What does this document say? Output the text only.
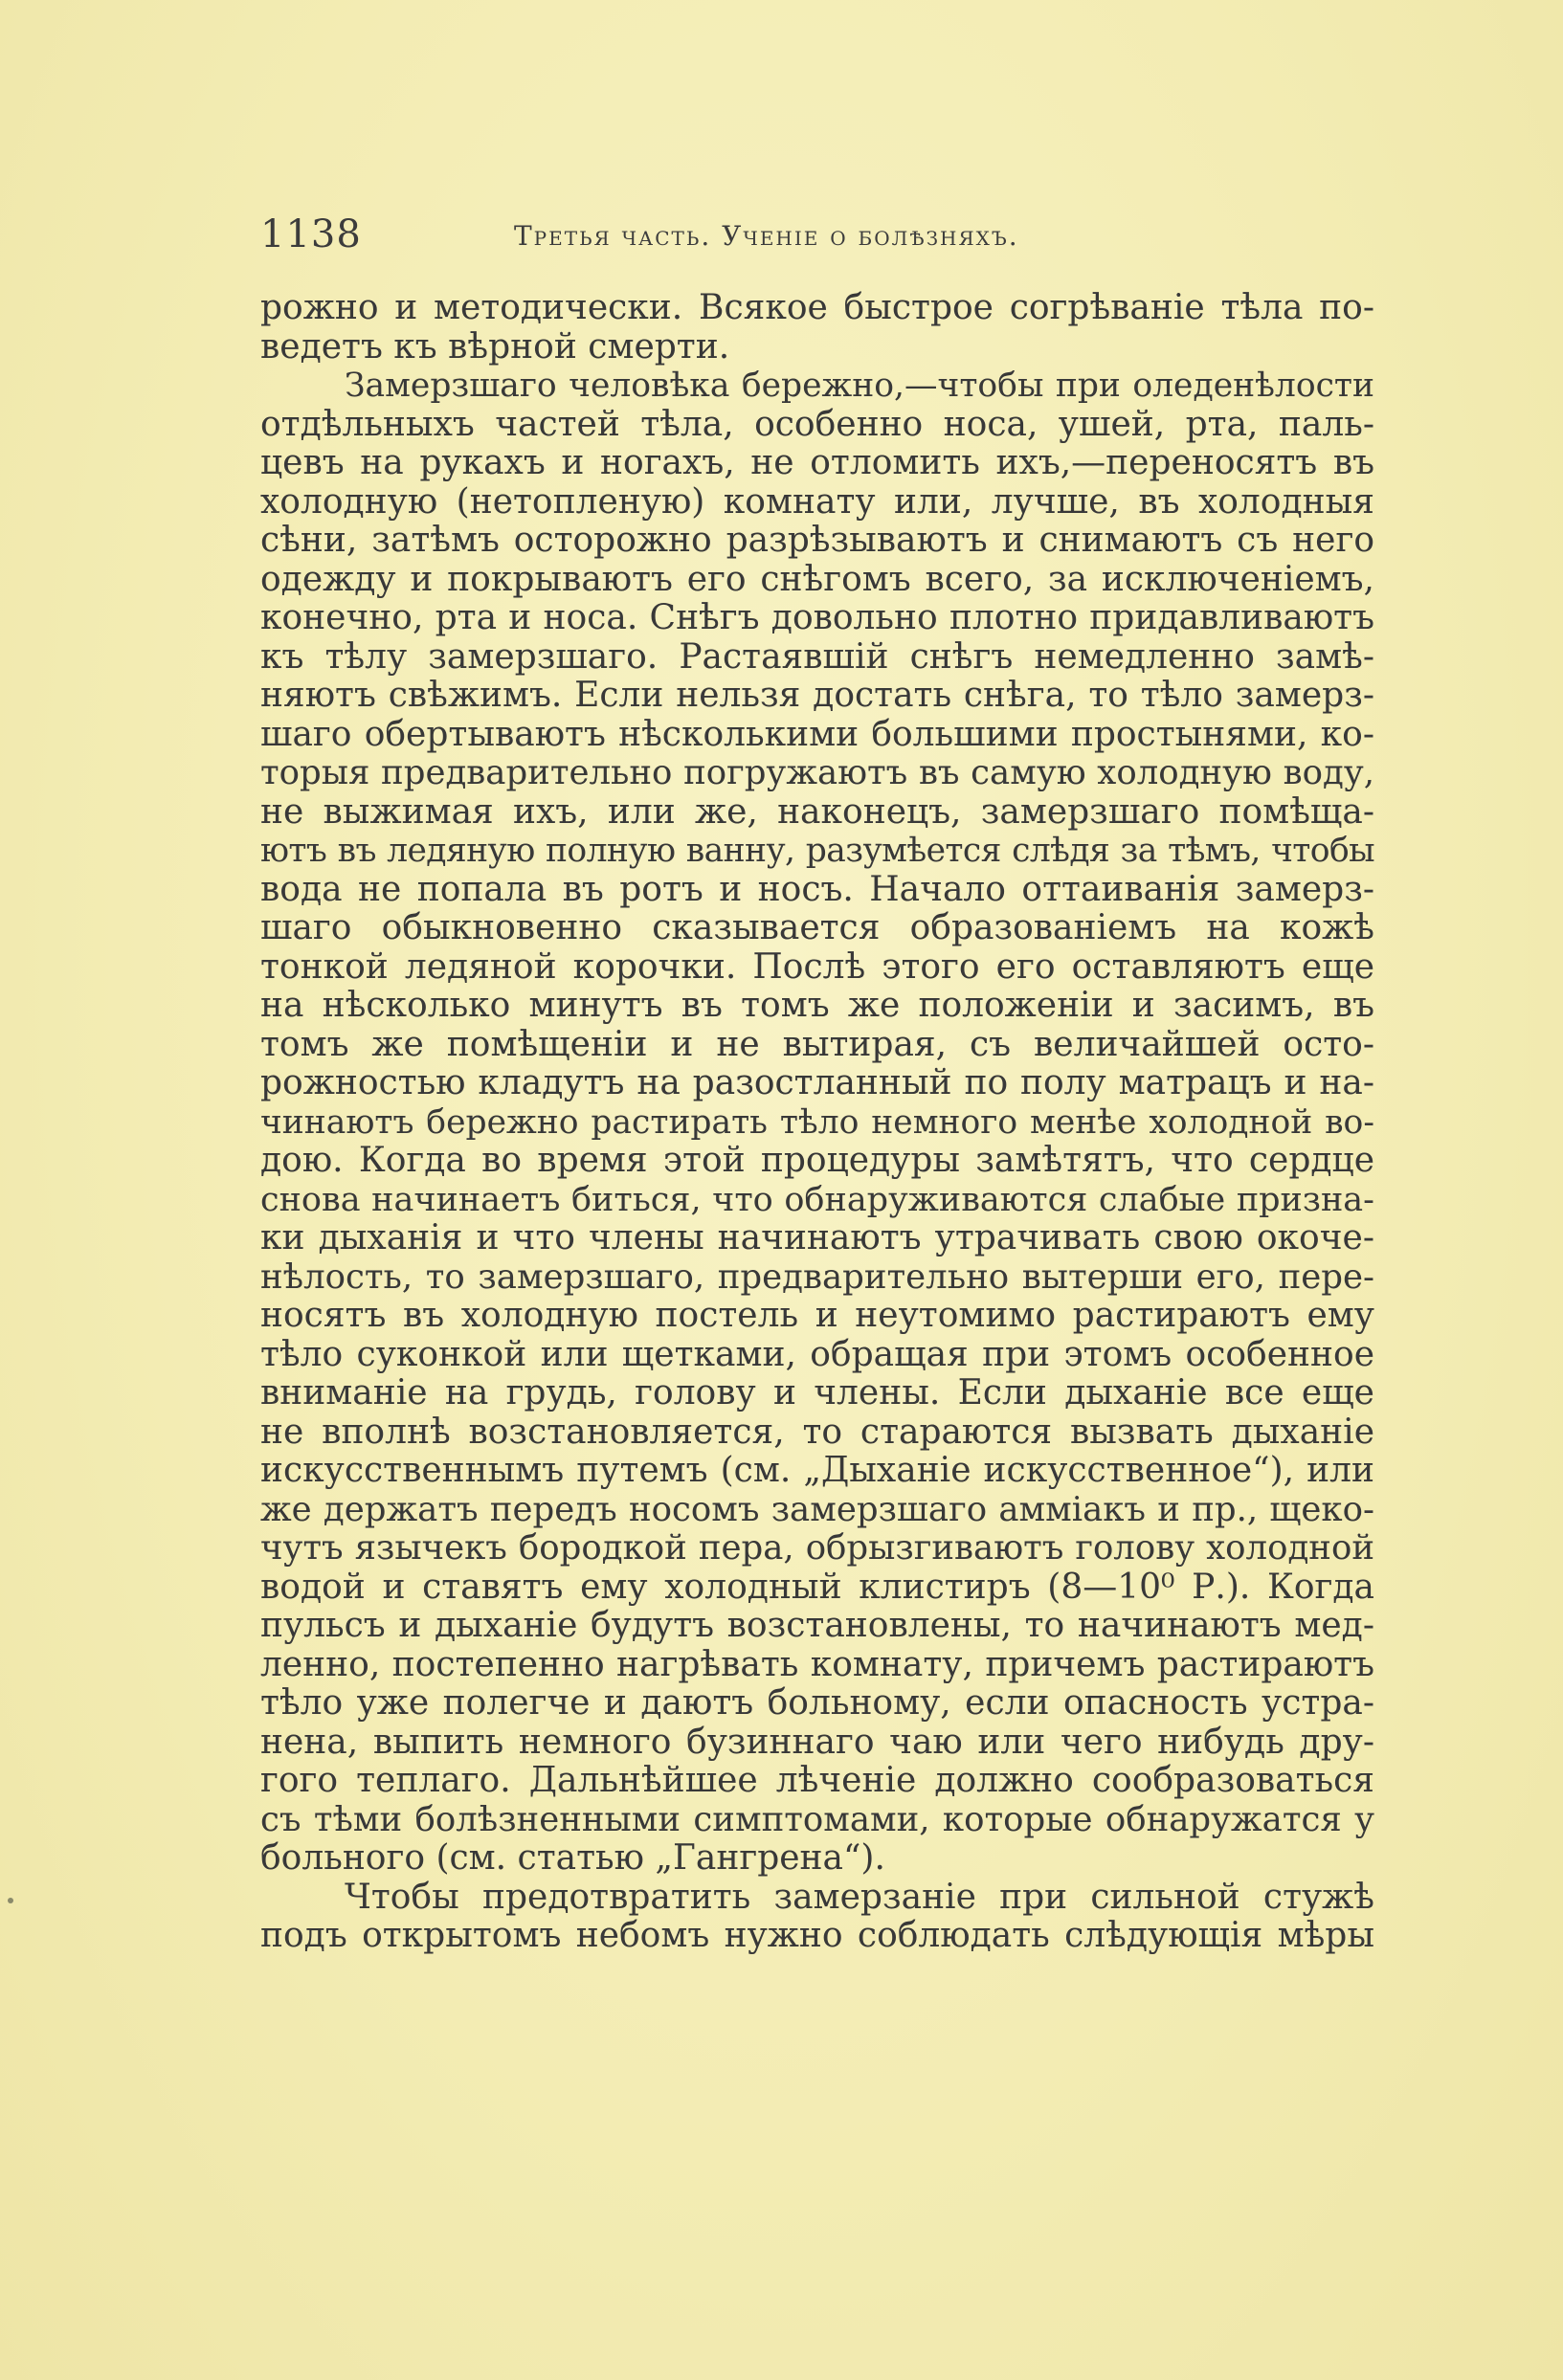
1138	Третья часть. Ученіе о болѣзняхъ.
рожно и методически. Всякое быстрое согрѣваніе тѣла по-
ведетъ къ вѣрной смерти.
Замерзшаго человѣка бережно,—чтобы при оледенѣлости
отдѣльныхъ частей тѣла, особенно носа, ушей, рта, паль-
цевъ на рукахъ и ногахъ, не отломить ихъ,—переносятъ въ
холодную (нетопленую) комнату или, лучше, въ холодныя
сѣни, затѣмъ осторожно разрѣзываютъ и снимаютъ съ него
одежду и покрываютъ его снѣгомъ всего, за исключеніемъ,
конечно, рта и носа. Снѣгъ довольно плотно придавливаютъ
къ тѣлу замерзшаго. Растаявшій снѣгъ немедленно замѣ-
няютъ свѣжимъ. Если нельзя достать снѣга, то тѣло замерз-
шаго обертываютъ нѣсколькими большими простынями, ко-
торыя предварительно погружаютъ въ самую холодную воду,
не выжимая ихъ, или же, наконецъ, замерзшаго помѣща-
ютъ въ ледяную полную ванну, разумѣется слѣдя за тѣмъ, чтобы
вода не попала въ ротъ и носъ. Начало оттаиванія замерз-
шаго обыкновенно сказывается образованіемъ на кожѣ
тонкой ледяной корочки. Послѣ этого его оставляютъ еще
на нѣсколько минутъ въ томъ же положеніи и засимъ, въ
томъ же помѣщеніи и не вытирая, съ величайшей осто-
рожностью кладутъ на разостланный по полу матрацъ и на-
чинаютъ бережно растирать тѣло немного менѣе холодной во-
дою. Когда во время этой процедуры замѣтятъ, что сердце
снова начинаетъ биться, что обнаруживаются слабые призна-
ки дыханія и что члены начинаютъ утрачивать свою окоче-
нѣлость, то замерзшаго, предварительно вытерши его, пере-
носятъ въ холодную постель и неутомимо растираютъ ему
тѣло суконкой или щетками, обращая при этомъ особенное
вниманіе на грудь, голову и члены. Если дыханіе все еще
не вполнѣ возстановляется, то стараются вызвать дыханіе
искусственнымъ путемъ (см. „Дыханіе искусственное“), или
же держатъ передъ носомъ замерзшаго амміакъ и пр., щеко-
чутъ язычекъ бородкой пера, обрызгиваютъ голову холодной
водой и ставятъ ему холодный клистиръ (8—10⁰ Р.). Когда
пульсъ и дыханіе будутъ возстановлены, то начинаютъ мед-
ленно, постепенно нагрѣвать комнату, причемъ растираютъ
тѣло уже полегче и даютъ больному, если опасность устра-
нена, выпить немного бузиннаго чаю или чего нибудь дру-
гого теплаго. Дальнѣйшее лѣченіе должно сообразоваться
съ тѣми болѣзненными симптомами, которые обнаружатся у
больного (см. статью „Гангрена“).
Чтобы предотвратить замерзаніе при сильной стужѣ
подъ открытомъ небомъ нужно соблюдать слѣдующія мѣры
